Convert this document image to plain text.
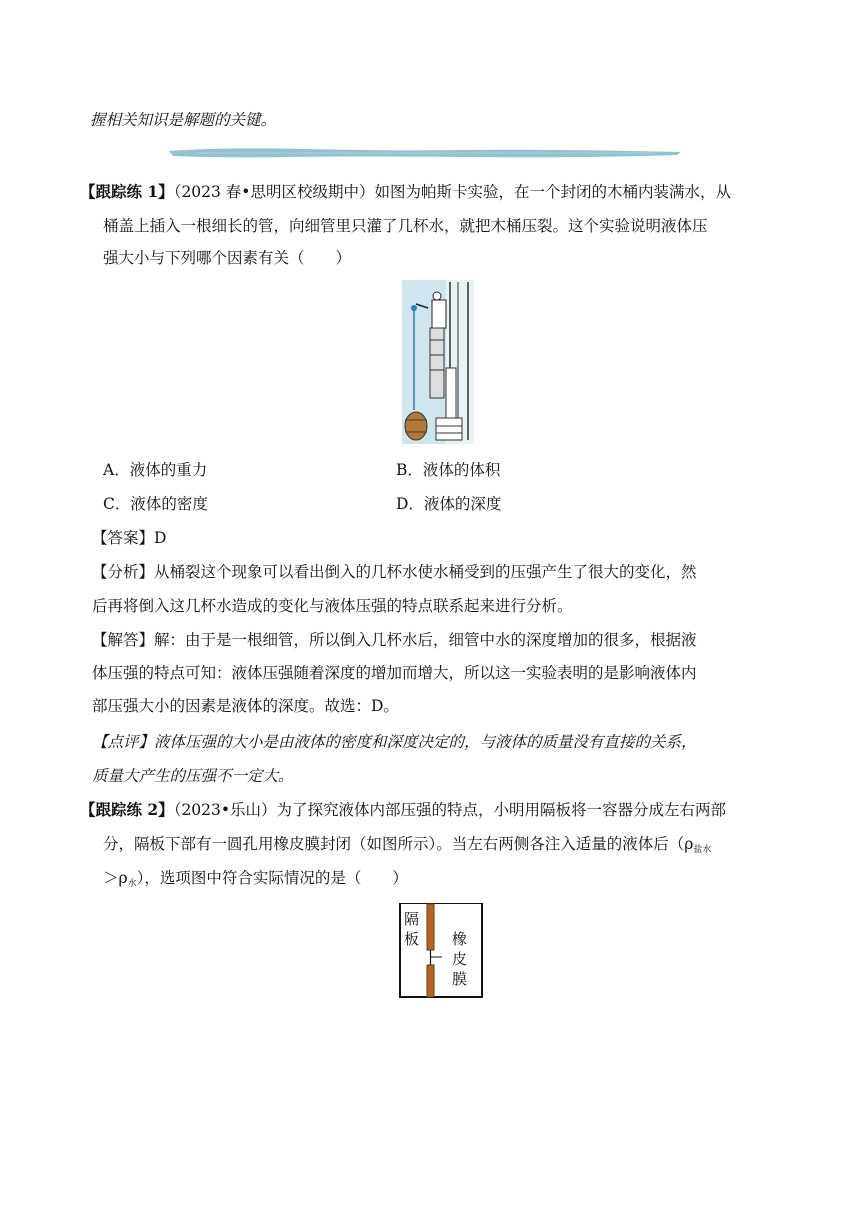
握相关知识是解题的关键。
【跟踪练 1】（2023 春•思明区校级期中）如图为帕斯卡实验，在一个封闭的木桶内装满水，从
桶盖上插入一根细长的管，向细管里只灌了几杯水，就把木桶压裂。这个实验说明液体压
强大小与下列哪个因素有关（　　）
A．液体的重力	B．液体的体积
C．液体的密度	D．液体的深度
【答案】D
【分析】从桶裂这个现象可以看出倒入的几杯水使水桶受到的压强产生了很大的变化，然
后再将倒入这几杯水造成的变化与液体压强的特点联系起来进行分析。
【解答】解：由于是一根细管，所以倒入几杯水后，细管中水的深度增加的很多，根据液
体压强的特点可知：液体压强随着深度的增加而增大，所以这一实验表明的是影响液体内
部压强大小的因素是液体的深度。故选：D。
【点评】液体压强的大小是由液体的密度和深度决定的，与液体的质量没有直接的关系，
质量大产生的压强不一定大。
【跟踪练 2】（2023•乐山）为了探究液体内部压强的特点，小明用隔板将一容器分成左右两部
分，隔板下部有一圆孔用橡皮膜封闭（如图所示）。当左右两侧各注入适量的液体后（$\rho_{盐水}$
$>\rho_水$），选项图中符合实际情况的是（　　）
隔
板 橡
皮
膜
